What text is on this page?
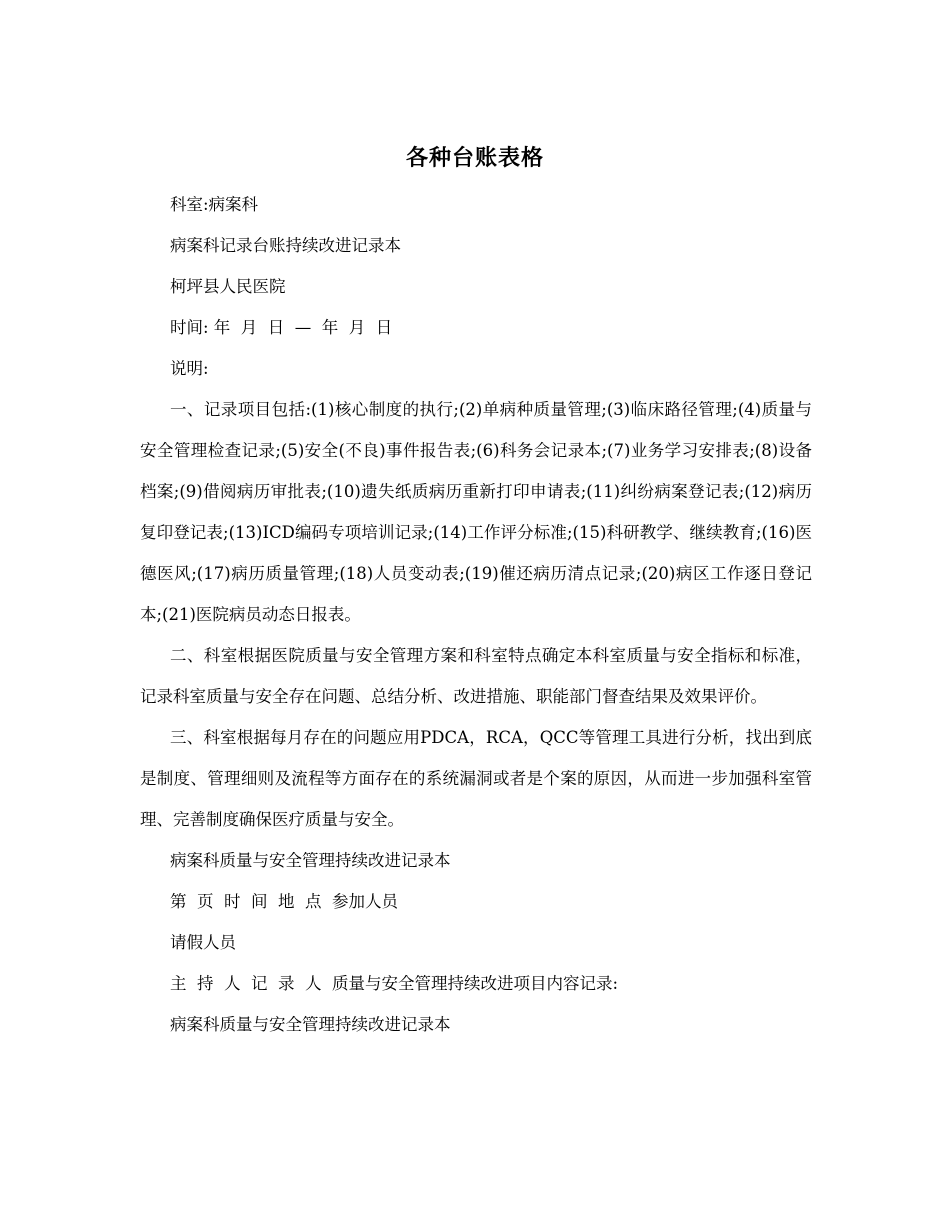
各种台账表格

科室:病案科

病案科记录台账持续改进记录本

柯坪县人民医院

时间: 年  月  日  —  年  月  日

说明:

一、记录项目包括:(1)核心制度的执行;(2)单病种质量管理;(3)临床路径管理;(4)质量与安全管理检查记录;(5)安全(不良)事件报告表;(6)科务会记录本;(7)业务学习安排表;(8)设备档案;(9)借阅病历审批表;(10)遗失纸质病历重新打印申请表;(11)纠纷病案登记表;(12)病历复印登记表;(13)ICD编码专项培训记录;(14)工作评分标准;(15)科研教学、继续教育;(16)医德医风;(17)病历质量管理;(18)人员变动表;(19)催还病历清点记录;(20)病区工作逐日登记本;(21)医院病员动态日报表。

二、科室根据医院质量与安全管理方案和科室特点确定本科室质量与安全指标和标准，记录科室质量与安全存在问题、总结分析、改进措施、职能部门督查结果及效果评价。

三、科室根据每月存在的问题应用PDCA，RCA，QCC等管理工具进行分析，找出到底是制度、管理细则及流程等方面存在的系统漏洞或者是个案的原因，从而进一步加强科室管理、完善制度确保医疗质量与安全。

病案科质量与安全管理持续改进记录本

第  页  时  间  地  点  参加人员

请假人员

主  持  人  记  录  人  质量与安全管理持续改进项目内容记录:

病案科质量与安全管理持续改进记录本
